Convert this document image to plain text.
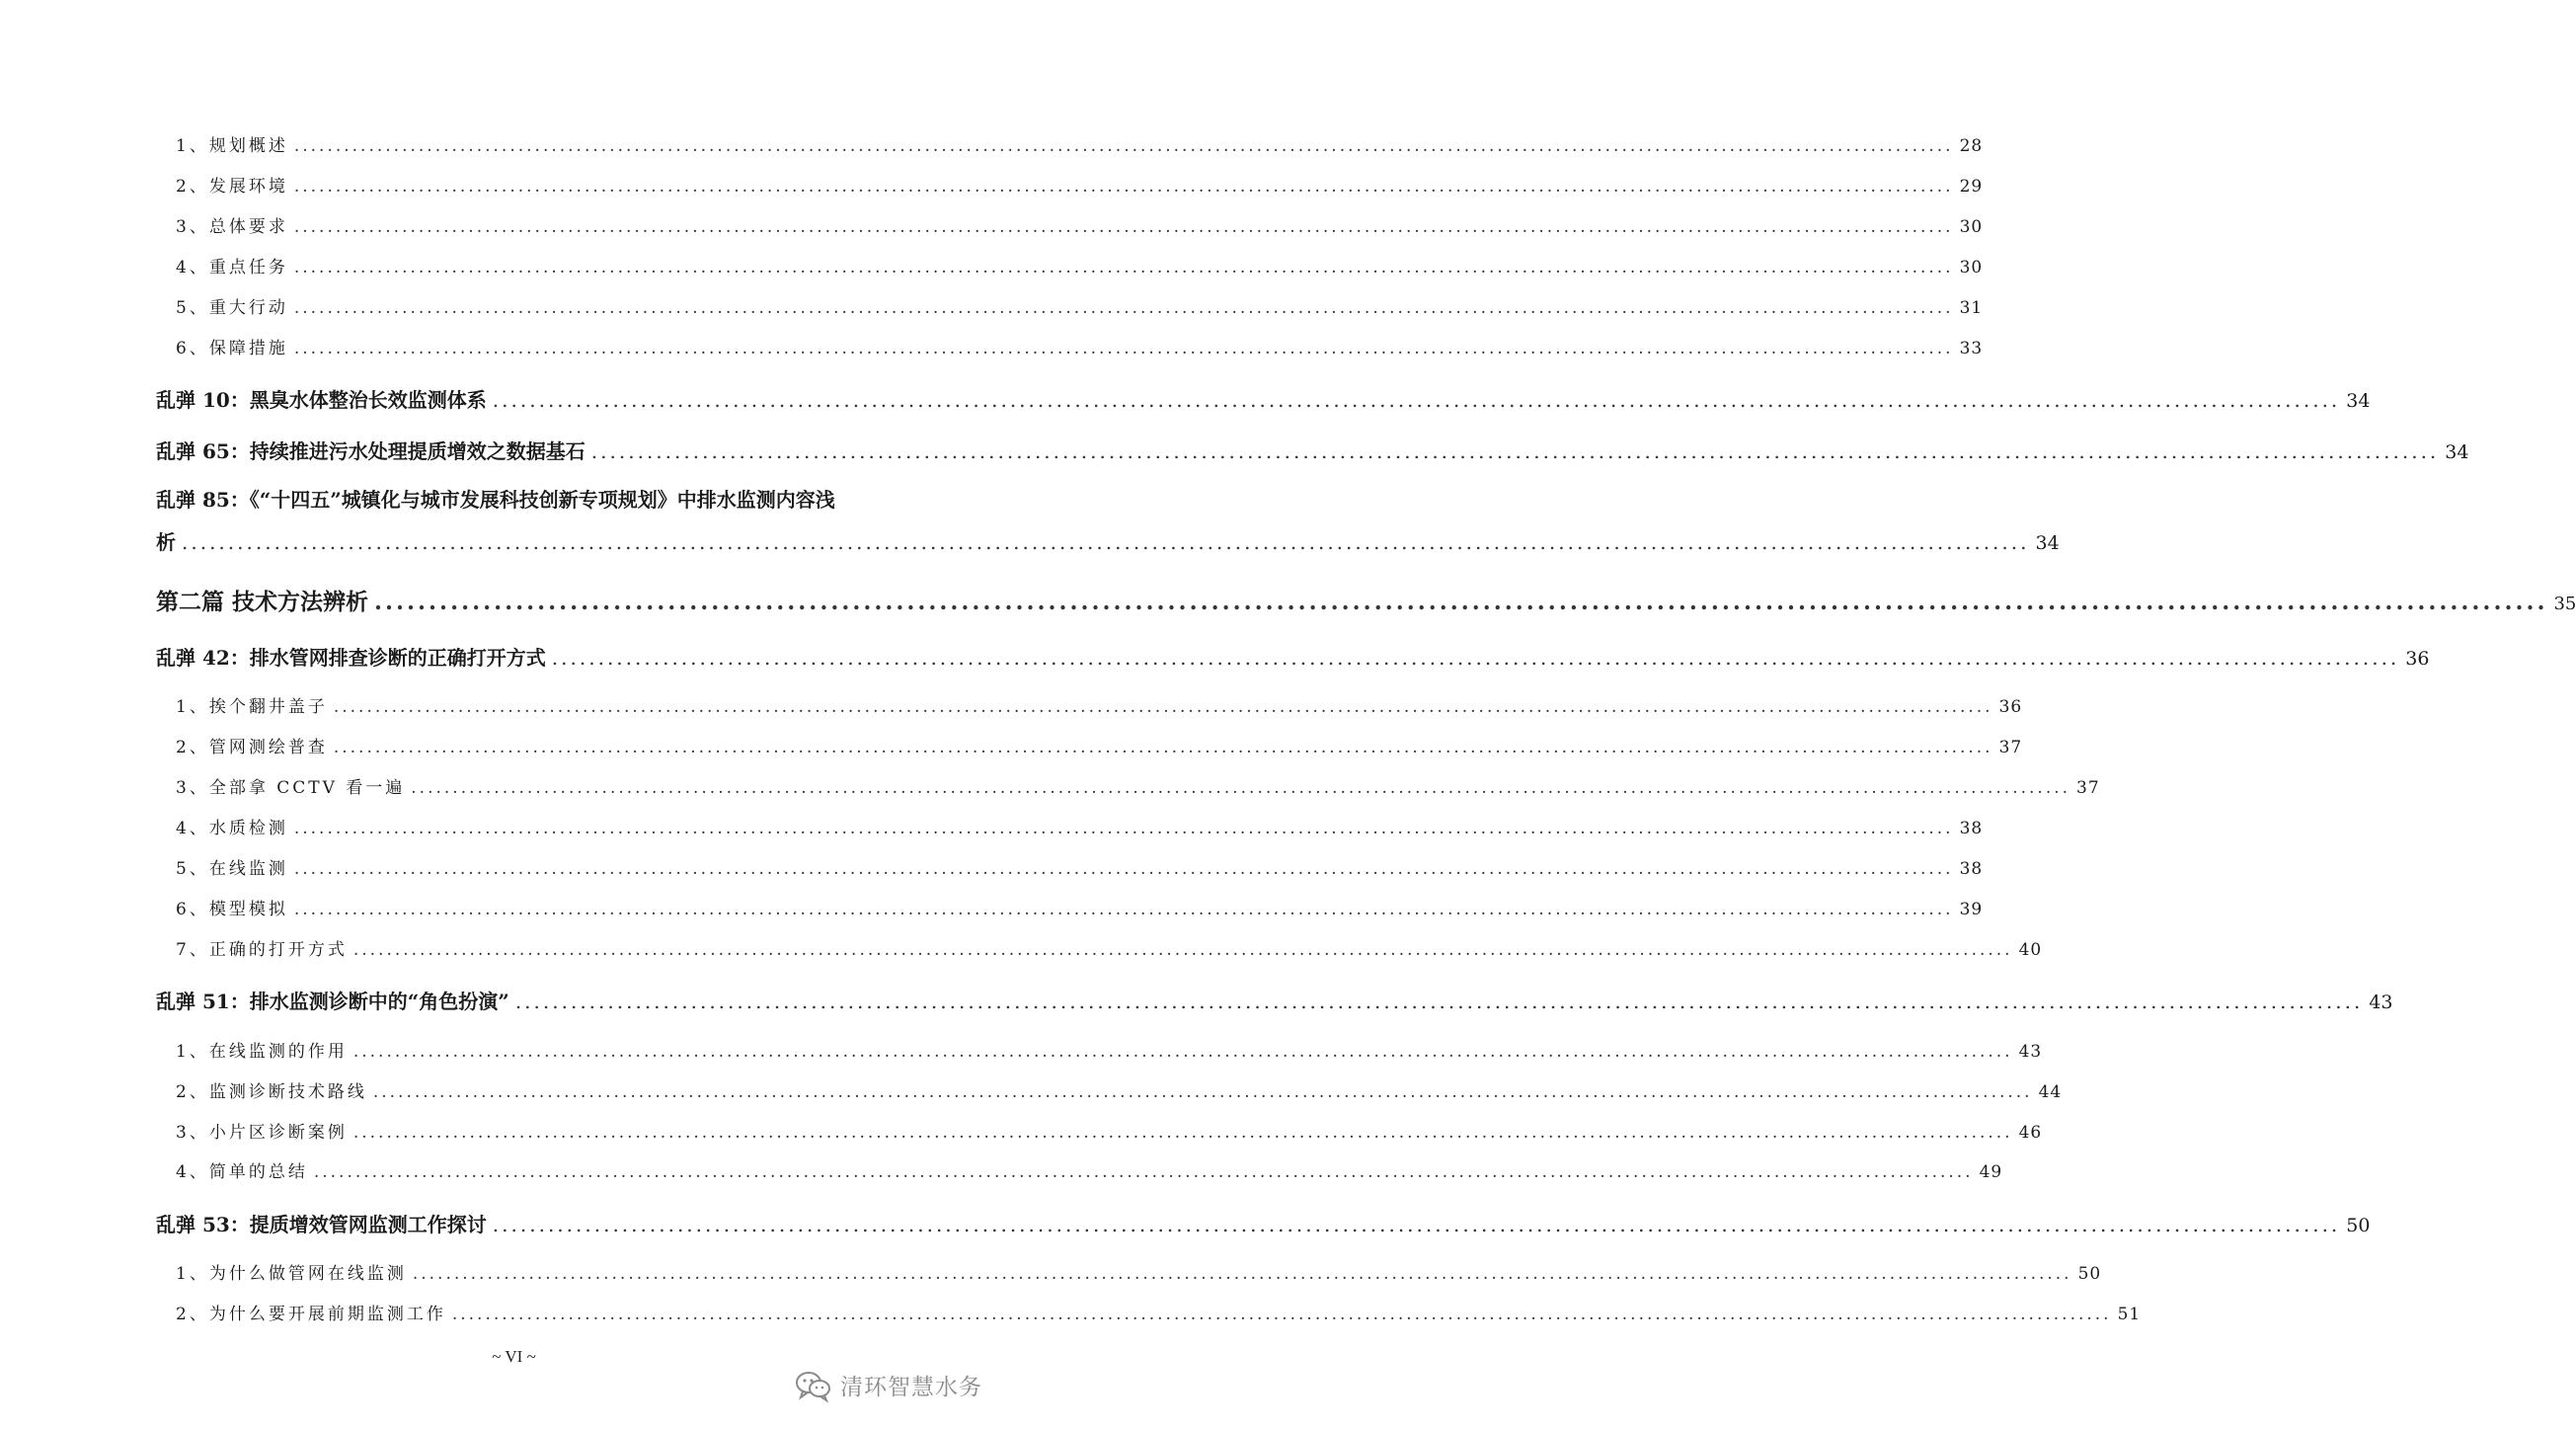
1、规划概述 ........................................................................................................................................................................................................ 28
2、发展环境 ........................................................................................................................................................................................................ 29
3、总体要求 ........................................................................................................................................................................................................ 30
4、重点任务 ........................................................................................................................................................................................................ 30
5、重大行动 ........................................................................................................................................................................................................ 31
6、保障措施 ........................................................................................................................................................................................................ 33
乱弹 10：黑臭水体整治长效监测体系 ........................................................................................................................................................................................................ 34
乱弹 65：持续推进污水处理提质增效之数据基石 ........................................................................................................................................................................................................ 34
乱弹 85：《“十四五”城镇化与城市发展科技创新专项规划》中排水监测内容浅
析 ........................................................................................................................................................................................................ 34
第二篇 技术方法辨析 ........................................................................................................................................................................................................ 35
乱弹 42：排水管网排查诊断的正确打开方式 ........................................................................................................................................................................................................ 36
1、挨个翻井盖子 ........................................................................................................................................................................................................ 36
2、管网测绘普查 ........................................................................................................................................................................................................ 37
3、全部拿 CCTV 看一遍 ........................................................................................................................................................................................................ 37
4、水质检测 ........................................................................................................................................................................................................ 38
5、在线监测 ........................................................................................................................................................................................................ 38
6、模型模拟 ........................................................................................................................................................................................................ 39
7、正确的打开方式 ........................................................................................................................................................................................................ 40
乱弹 51：排水监测诊断中的“角色扮演” ........................................................................................................................................................................................................ 43
1、在线监测的作用 ........................................................................................................................................................................................................ 43
2、监测诊断技术路线 ........................................................................................................................................................................................................ 44
3、小片区诊断案例 ........................................................................................................................................................................................................ 46
4、简单的总结 ........................................................................................................................................................................................................ 49
乱弹 53：提质增效管网监测工作探讨 ........................................................................................................................................................................................................ 50
1、为什么做管网在线监测 ........................................................................................................................................................................................................ 50
2、为什么要开展前期监测工作 ........................................................................................................................................................................................................ 51
~ VI ~
清环智慧水务
